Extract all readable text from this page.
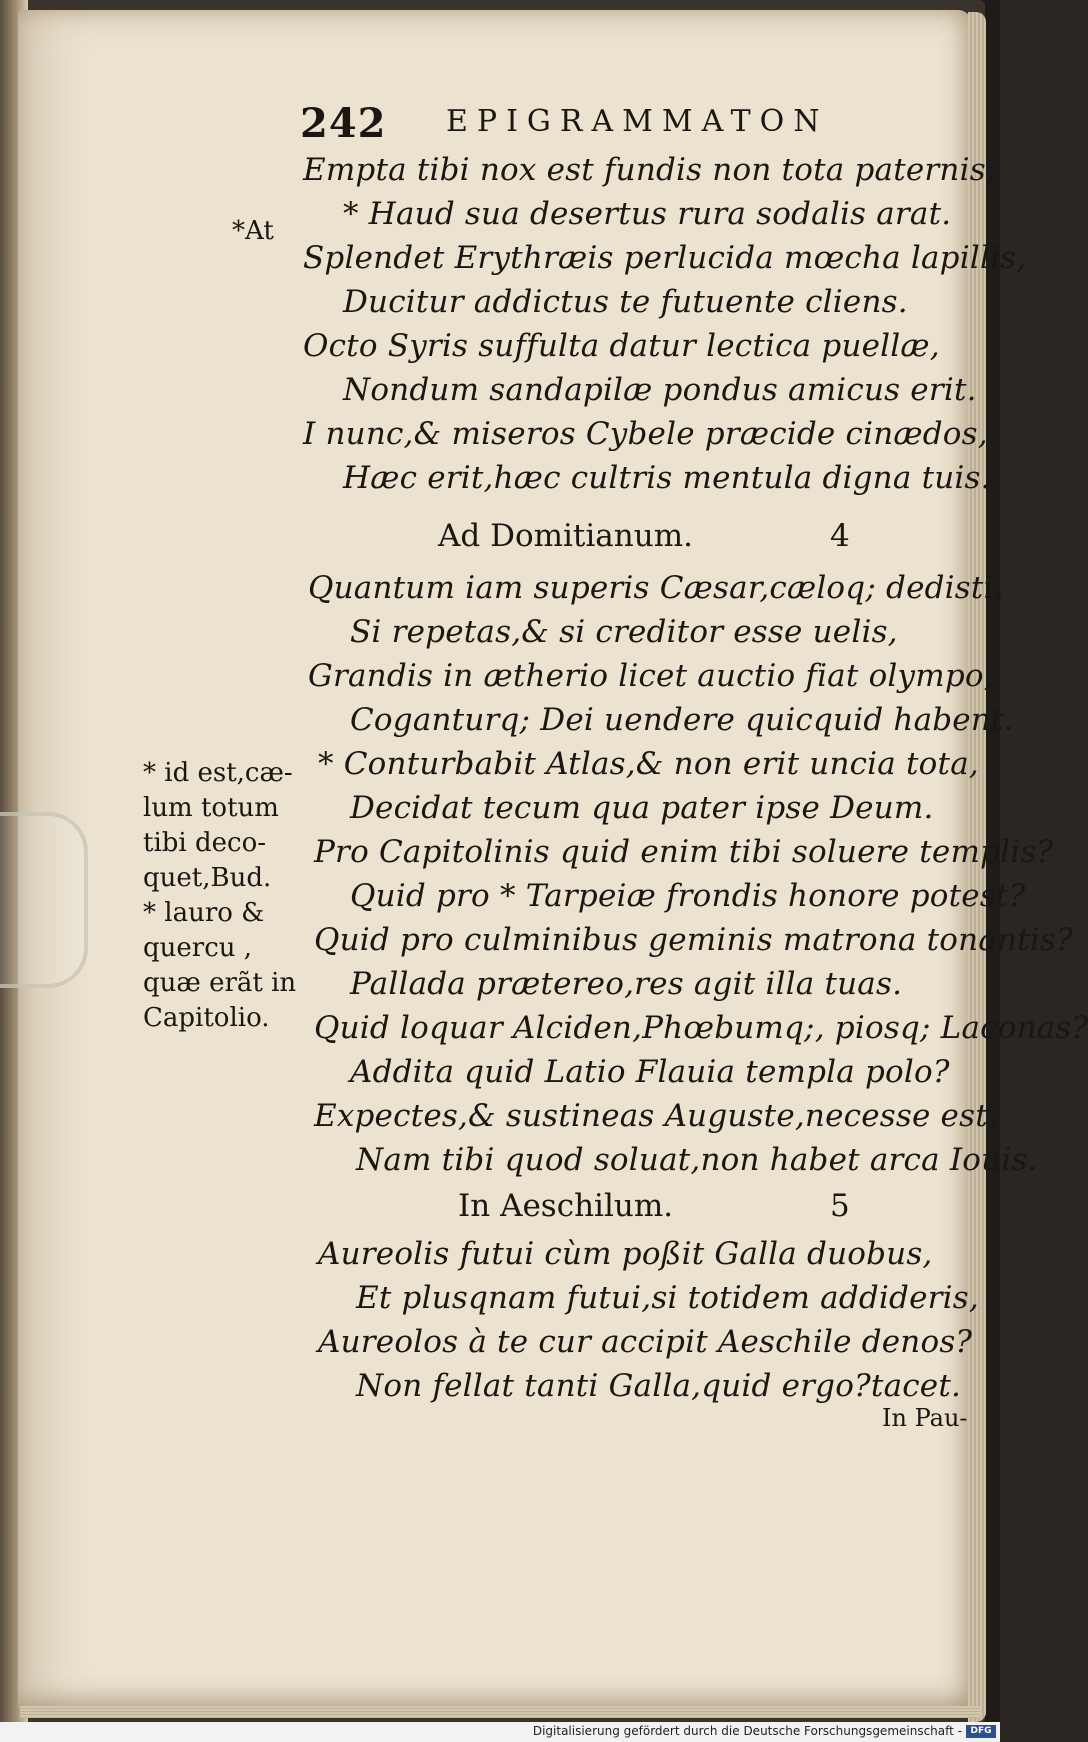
242 EPIGRAMMATON
Empta tibi nox est fundis non tota paternis,
* Haud sua desertus rura sodalis arat.
Splendet Erythræis perlucida mœcha lapillis,
Ducitur addictus te futuente cliens.
Octo Syris suffulta datur lectica puellæ,
Nondum sandapilæ pondus amicus erit.
I nunc,& miseros Cybele præcide cinædos,
Hæc erit,hæc cultris mentula digna tuis.
Ad Domitianum.	4
Quantum iam superis Cæsar,cæloq; dedisti,
Si repetas,& si creditor esse uelis,
Grandis in ætherio licet auctio fiat olympo,
Coganturq; Dei uendere quicquid habent.
* Conturbabit Atlas,& non erit uncia tota,
Decidat tecum qua pater ipse Deum.
Pro Capitolinis quid enim tibi soluere templis?
Quid pro * Tarpeiæ frondis honore potest?
Quid pro culminibus geminis matrona tonantis?
Pallada prætereo,res agit illa tuas.
Quid loquar Alciden,Phœbumq;, piosq; Laconas?
Addita quid Latio Flauia templa polo?
Expectes,& sustineas Auguste,necesse est,
Nam tibi quod soluat,non habet arca Iouis.
In Aeschilum.	5
Aureolis futui cùm poßit Galla duobus,
Et plusqnam futui,si totidem addideris,
Aureolos à te cur accipit Aeschile denos?
Non fellat tanti Galla,quid ergo?tacet.
*At
* id est,cæ-
lum totum
tibi deco-
quet,Bud.
* lauro &
quercu ,
quæ erãt in
Capitolio.
In Pau-
Digitalisierung gefördert durch die Deutsche Forschungsgemeinschaft - DFG
